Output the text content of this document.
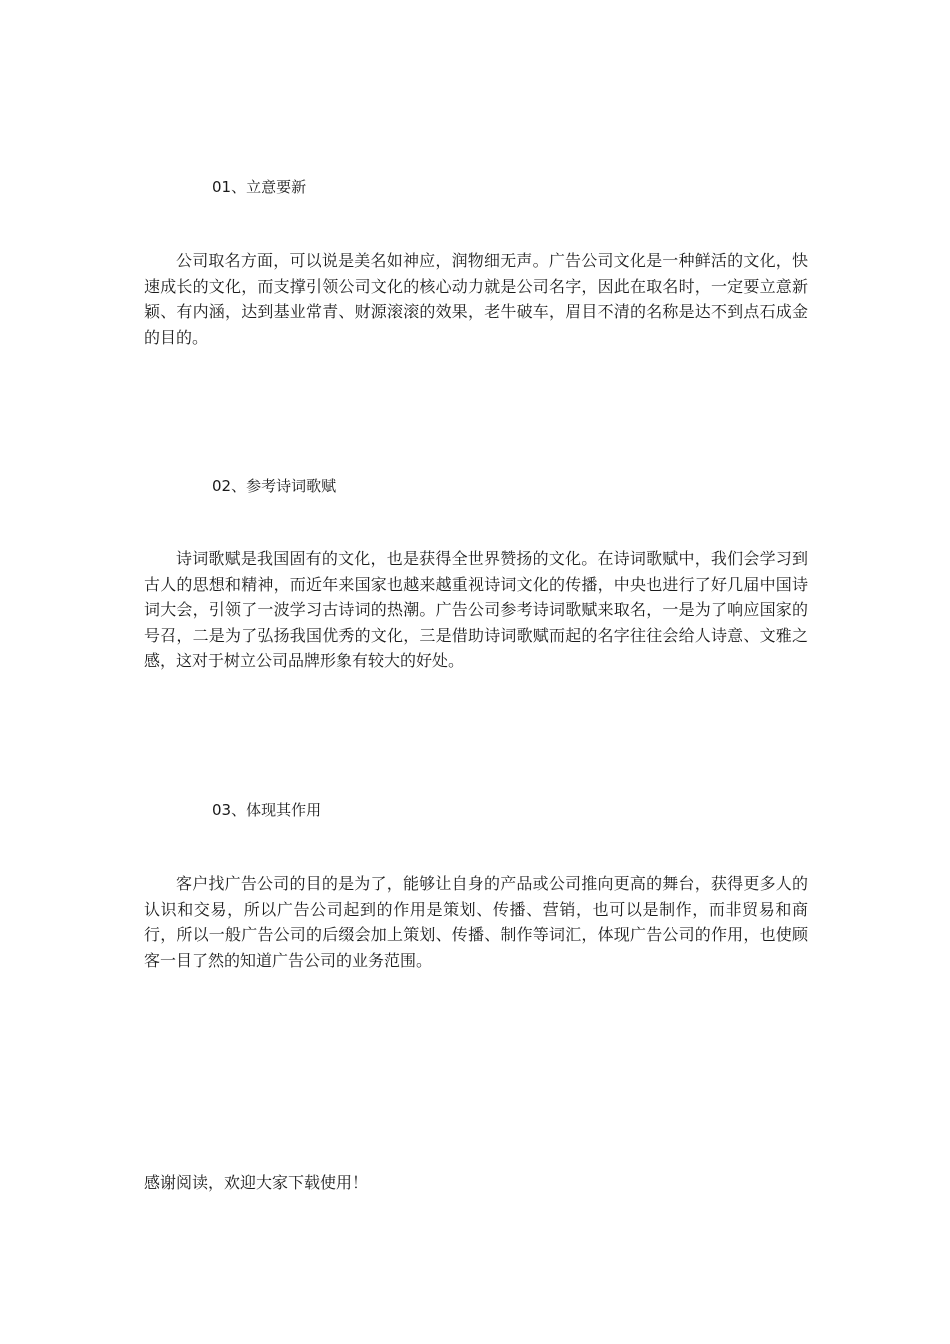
01、立意要新
公司取名方面，可以说是美名如神应，润物细无声。广告公司文化是一种鲜活的文化，快速成长的文化，而支撑引领公司文化的核心动力就是公司名字，因此在取名时，一定要立意新颖、有内涵，达到基业常青、财源滚滚的效果，老牛破车，眉目不清的名称是达不到点石成金的目的。
02、参考诗词歌赋
诗词歌赋是我国固有的文化，也是获得全世界赞扬的文化。在诗词歌赋中，我们会学习到古人的思想和精神，而近年来国家也越来越重视诗词文化的传播，中央也进行了好几届中国诗词大会，引领了一波学习古诗词的热潮。广告公司参考诗词歌赋来取名，一是为了响应国家的号召，二是为了弘扬我国优秀的文化，三是借助诗词歌赋而起的名字往往会给人诗意、文雅之感，这对于树立公司品牌形象有较大的好处。
03、体现其作用
客户找广告公司的目的是为了，能够让自身的产品或公司推向更高的舞台，获得更多人的认识和交易，所以广告公司起到的作用是策划、传播、营销，也可以是制作，而非贸易和商行，所以一般广告公司的后缀会加上策划、传播、制作等词汇，体现广告公司的作用，也使顾客一目了然的知道广告公司的业务范围。
感谢阅读，欢迎大家下载使用！
